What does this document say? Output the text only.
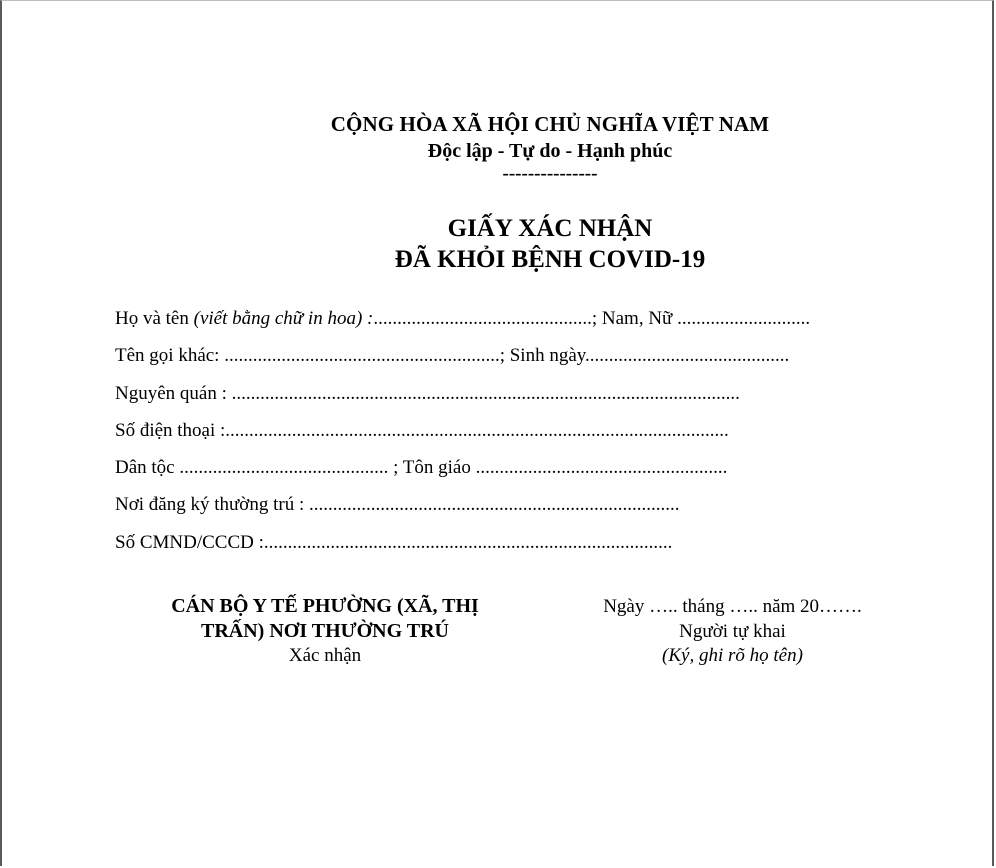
CỘNG HÒA XÃ HỘI CHỦ NGHĨA VIỆT NAM
Độc lập - Tự do - Hạnh phúc
---------------
GIẤY XÁC NHẬN
ĐÃ KHỎI BỆNH COVID-19
Họ và tên (viết bằng chữ in hoa) :..............................................; Nam, Nữ ............................
Tên gọi khác: ..........................................................; Sinh ngày...........................................
Nguyên quán : ...........................................................................................................
Số điện thoại :..........................................................................................................
Dân tộc ............................................ ; Tôn giáo .....................................................
Nơi đăng ký thường trú : ..............................................................................
Số CMND/CCCD :......................................................................................
CÁN BỘ Y TẾ PHƯỜNG (XÃ, THỊ
TRẤN) NƠI THƯỜNG TRÚ
Xác nhận
Ngày ….. tháng ….. năm 20…….
Người tự khai
(Ký, ghi rõ họ tên)
